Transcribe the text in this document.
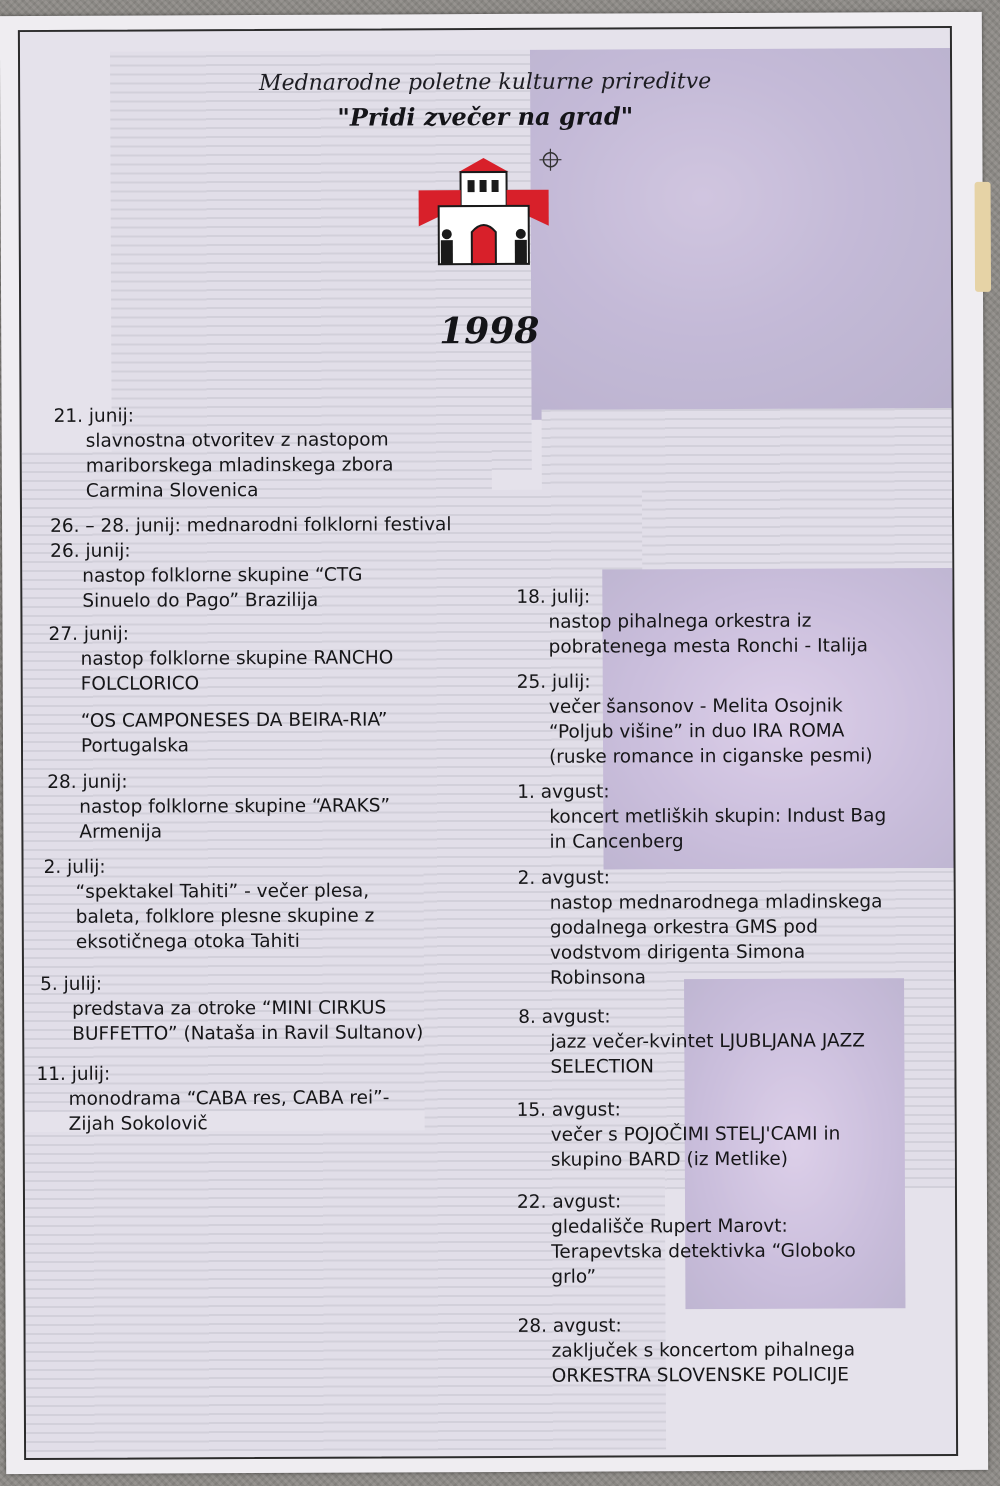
Mednarodne poletne kulturne prireditve
"Pridi zvečer na grad"
1998
21. junij:
slavnostna otvoritev z nastopom
mariborskega mladinskega zbora
Carmina Slovenica
26. – 28. junij: mednarodni folklorni festival
26. junij:
nastop folklorne skupine “CTG
Sinuelo do Pago” Brazilija
27. junij:
nastop folklorne skupine RANCHO
FOLCLORICO
“OS CAMPONESES DA BEIRA-RIA”
Portugalska
28. junij:
nastop folklorne skupine “ARAKS”
Armenija
2. julij:
“spektakel Tahiti” - večer plesa,
baleta, folklore plesne skupine z
eksotičnega otoka Tahiti
5. julij:
predstava za otroke “MINI CIRKUS
BUFFETTO” (Nataša in Ravil Sultanov)
11. julij:
monodrama “CABA res, CABA rei”-
Zijah Sokolovič
18. julij:
nastop pihalnega orkestra iz
pobratenega mesta Ronchi - Italija
25. julij:
večer šansonov - Melita Osojnik
“Poljub višine” in duo IRA ROMA
(ruske romance in ciganske pesmi)
1. avgust:
koncert metliških skupin: Indust Bag
in Cancenberg
2. avgust:
nastop mednarodnega mladinskega
godalnega orkestra GMS pod
vodstvom dirigenta Simona
Robinsona
8. avgust:
jazz večer-kvintet LJUBLJANA JAZZ
SELECTION
15. avgust:
večer s POJOČIMI STELJ'CAMI in
skupino BARD (iz Metlike)
22. avgust:
gledališče Rupert Marovt:
Terapevtska detektivka “Globoko
grlo”
28. avgust:
zaključek s koncertom pihalnega
ORKESTRA SLOVENSKE POLICIJE
